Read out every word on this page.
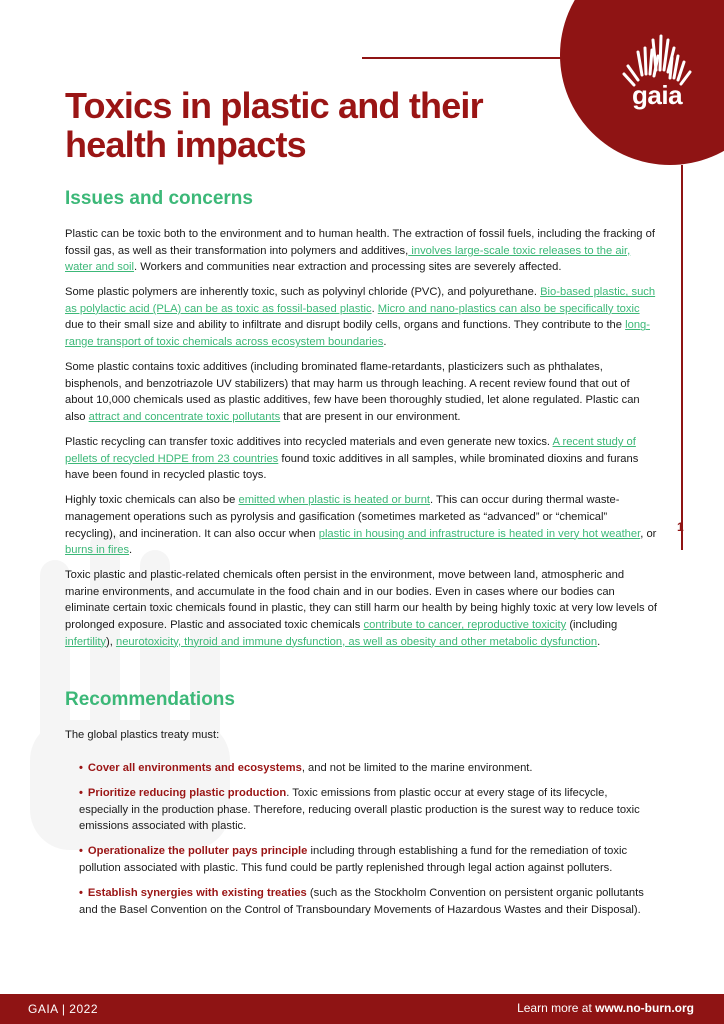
gaia
1
Toxics in plastic and their health impacts
Issues and concerns

Plastic can be toxic both to the environment and to human health. The extraction of fossil fuels, including the fracking of fossil gas, as well as their transformation into polymers and additives, involves large-scale toxic releases to the air, water and soil. Workers and communities near extraction and processing sites are severely affected.

Some plastic polymers are inherently toxic, such as polyvinyl chloride (PVC), and polyurethane. Bio-based plastic, such as polylactic acid (PLA) can be as toxic as fossil-based plastic. Micro and nano-plastics can also be specifically toxic due to their small size and ability to infiltrate and disrupt bodily cells, organs and functions. They contribute to the long-range transport of toxic chemicals across ecosystem boundaries.

Some plastic contains toxic additives (including brominated flame-retardants, plasticizers such as phthalates, bisphenols, and benzotriazole UV stabilizers) that may harm us through leaching. A recent review found that out of about 10,000 chemicals used as plastic additives, few have been thoroughly studied, let alone regulated. Plastic can also attract and concentrate toxic pollutants that are present in our environment.

Plastic recycling can transfer toxic additives into recycled materials and even generate new toxics. A recent study of pellets of recycled HDPE from 23 countries found toxic additives in all samples, while brominated dioxins and furans have been found in recycled plastic toys.

Highly toxic chemicals can also be emitted when plastic is heated or burnt. This can occur during thermal waste-management operations such as pyrolysis and gasification (sometimes marketed as “advanced” or “chemical” recycling), and incineration. It can also occur when plastic in housing and infrastructure is heated in very hot weather, or burns in fires.

Toxic plastic and plastic-related chemicals often persist in the environment, move between land, atmospheric and marine environments, and accumulate in the food chain and in our bodies. Even in cases where our bodies can eliminate certain toxic chemicals found in plastic, they can still harm our health by being highly toxic at very low levels of prolonged exposure. Plastic and associated toxic chemicals contribute to cancer, reproductive toxicity (including infertility), neurotoxicity, thyroid and immune dysfunction, as well as obesity and other metabolic dysfunction.

Recommendations
The global plastics treaty must:
• Cover all environments and ecosystems, and not be limited to the marine environment.
• Prioritize reducing plastic production. Toxic emissions from plastic occur at every stage of its lifecycle, especially in the production phase. Therefore, reducing overall plastic production is the surest way to reduce toxic emissions associated with plastic.
• Operationalize the polluter pays principle including through establishing a fund for the remediation of toxic pollution associated with plastic. This fund could be partly replenished through legal action against polluters.
• Establish synergies with existing treaties (such as the Stockholm Convention on persistent organic pollutants and the Basel Convention on the Control of Transboundary Movements of Hazardous Wastes and their Disposal).
GAIA | 2022	Learn more at www.no-burn.org
